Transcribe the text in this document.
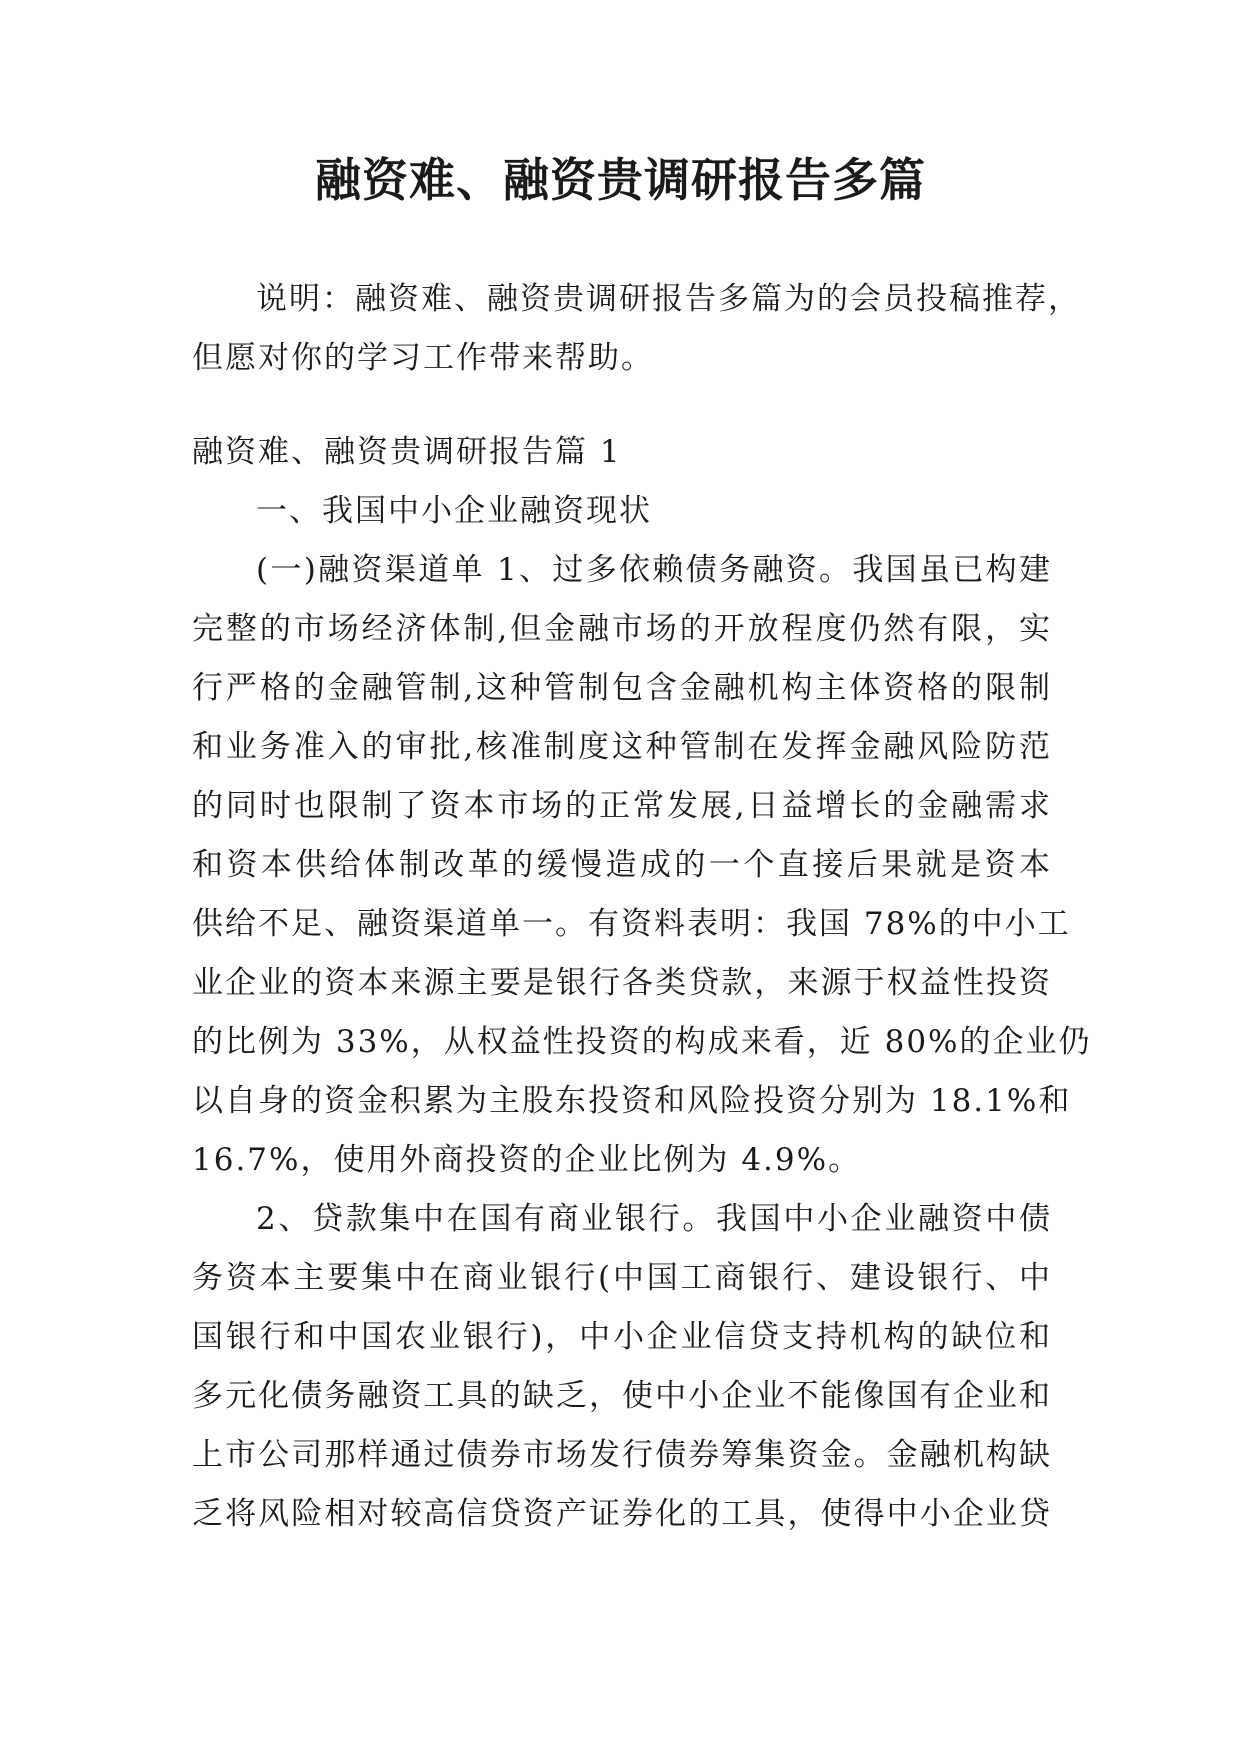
融资难、融资贵调研报告多篇
说明：融资难、融资贵调研报告多篇为的会员投稿推荐，
但愿对你的学习工作带来帮助。
融资难、融资贵调研报告篇 1
一、我国中小企业融资现状
(一)融资渠道单 1、过多依赖债务融资。我国虽已构建
完整的市场经济体制,但金融市场的开放程度仍然有限，实
行严格的金融管制,这种管制包含金融机构主体资格的限制
和业务准入的审批,核准制度这种管制在发挥金融风险防范
的同时也限制了资本市场的正常发展,日益增长的金融需求
和资本供给体制改革的缓慢造成的一个直接后果就是资本
供给不足、融资渠道单一。有资料表明：我国 78%的中小工
业企业的资本来源主要是银行各类贷款，来源于权益性投资
的比例为 33%，从权益性投资的构成来看，近 80%的企业仍
以自身的资金积累为主股东投资和风险投资分别为 18.1%和
16.7%，使用外商投资的企业比例为 4.9%。
2、贷款集中在国有商业银行。我国中小企业融资中债
务资本主要集中在商业银行(中国工商银行、建设银行、中
国银行和中国农业银行)，中小企业信贷支持机构的缺位和
多元化债务融资工具的缺乏，使中小企业不能像国有企业和
上市公司那样通过债券市场发行债券筹集资金。金融机构缺
乏将风险相对较高信贷资产证券化的工具，使得中小企业贷
